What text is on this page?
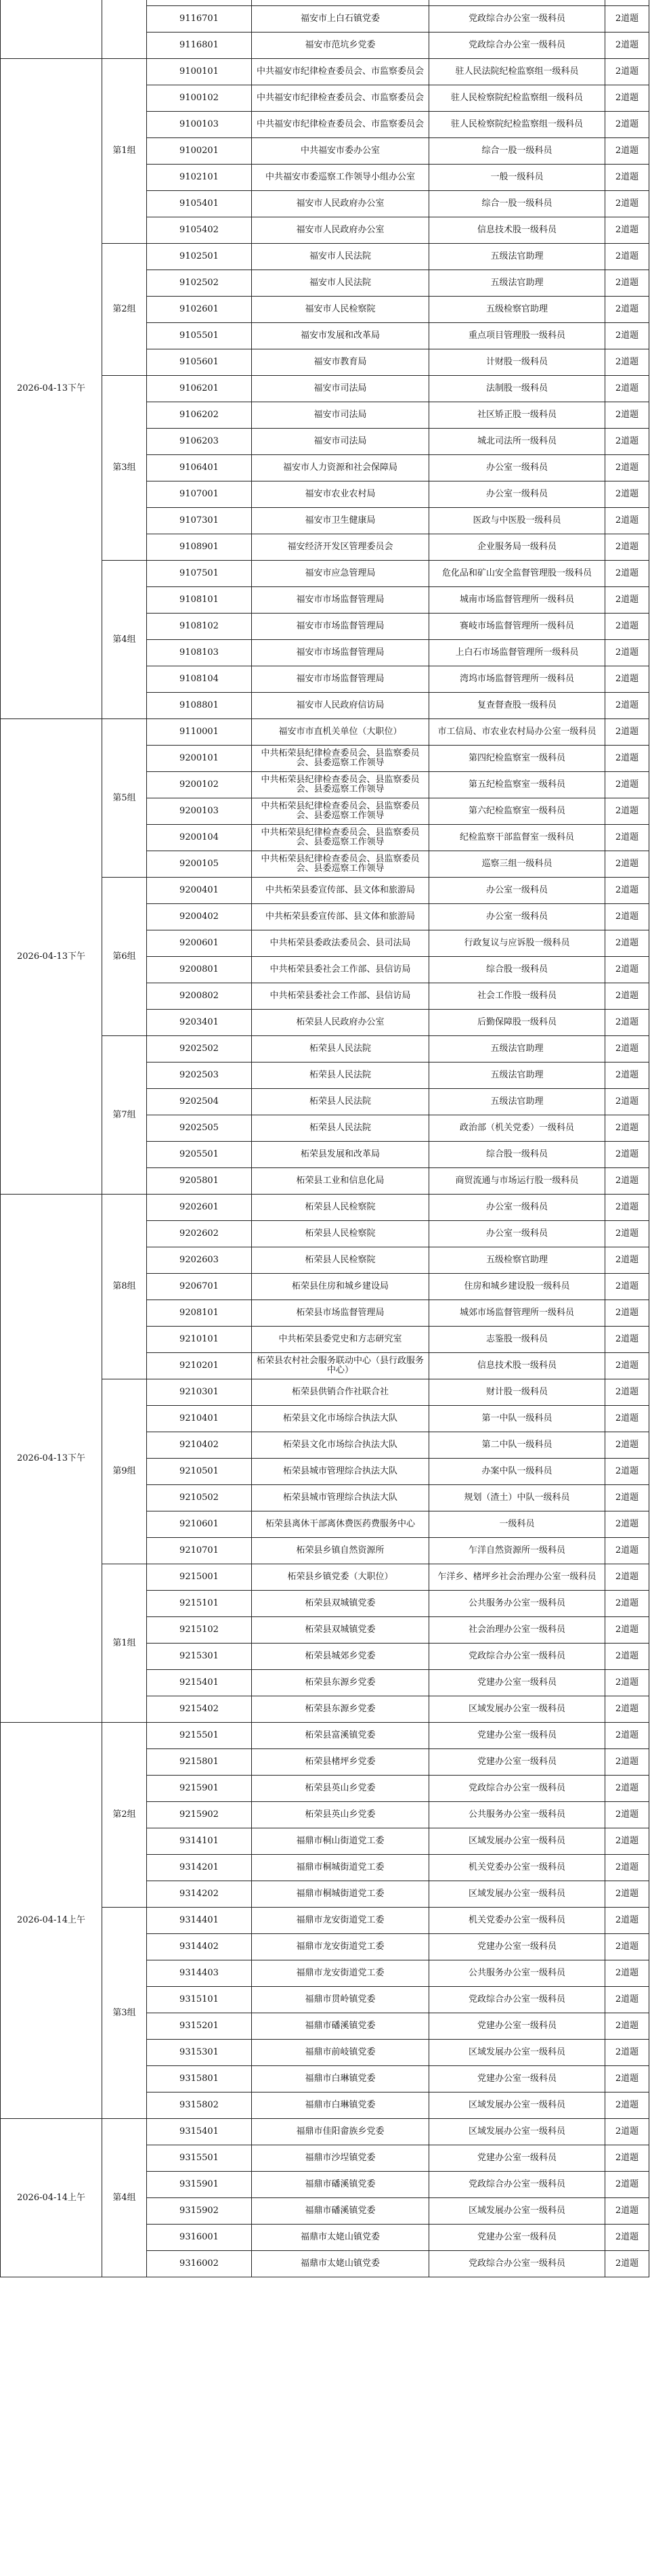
		9116701	福安市上白石镇党委	党政综合办公室一级科员	2道题
		9116801	福安市范坑乡党委	党政综合办公室一级科员	2道题
2026-04-13下午	第1组	9100101	中共福安市纪律检查委员会、市监察委员会	驻人民法院纪检监察组一级科员	2道题
		9100102	中共福安市纪律检查委员会、市监察委员会	驻人民检察院纪检监察组一级科员	2道题
		9100103	中共福安市纪律检查委员会、市监察委员会	驻人民检察院纪检监察组一级科员	2道题
		9100201	中共福安市委办公室	综合一股一级科员	2道题
		9102101	中共福安市委巡察工作领导小组办公室	一般一级科员	2道题
		9105401	福安市人民政府办公室	综合一股一级科员	2道题
		9105402	福安市人民政府办公室	信息技术股一级科员	2道题
	第2组	9102501	福安市人民法院	五级法官助理	2道题
		9102502	福安市人民法院	五级法官助理	2道题
		9102601	福安市人民检察院	五级检察官助理	2道题
		9105501	福安市发展和改革局	重点项目管理股一级科员	2道题
		9105601	福安市教育局	计财股一级科员	2道题
	第3组	9106201	福安市司法局	法制股一级科员	2道题
		9106202	福安市司法局	社区矫正股一级科员	2道题
		9106203	福安市司法局	城北司法所一级科员	2道题
		9106401	福安市人力资源和社会保障局	办公室一级科员	2道题
		9107001	福安市农业农村局	办公室一级科员	2道题
		9107301	福安市卫生健康局	医政与中医股一级科员	2道题
		9108901	福安经济开发区管理委员会	企业服务局一级科员	2道题
	第4组	9107501	福安市应急管理局	危化品和矿山安全监督管理股一级科员	2道题
		9108101	福安市市场监督管理局	城南市场监督管理所一级科员	2道题
		9108102	福安市市场监督管理局	赛岐市场监督管理所一级科员	2道题
		9108103	福安市市场监督管理局	上白石市场监督管理所一级科员	2道题
		9108104	福安市市场监督管理局	湾坞市场监督管理所一级科员	2道题
		9108801	福安市人民政府信访局	复查督查股一级科员	2道题
2026-04-13下午	第5组	9110001	福安市市直机关单位（大职位）	市工信局、市农业农村局办公室一级科员	2道题
		9200101	中共柘荣县纪律检查委员会、县监察委员会、县委巡察工作领导	第四纪检监察室一级科员	2道题
		9200102	中共柘荣县纪律检查委员会、县监察委员会、县委巡察工作领导	第五纪检监察室一级科员	2道题
		9200103	中共柘荣县纪律检查委员会、县监察委员会、县委巡察工作领导	第六纪检监察室一级科员	2道题
		9200104	中共柘荣县纪律检查委员会、县监察委员会、县委巡察工作领导	纪检监察干部监督室一级科员	2道题
		9200105	中共柘荣县纪律检查委员会、县监察委员会、县委巡察工作领导	巡察三组一级科员	2道题
	第6组	9200401	中共柘荣县委宣传部、县文体和旅游局	办公室一级科员	2道题
		9200402	中共柘荣县委宣传部、县文体和旅游局	办公室一级科员	2道题
		9200601	中共柘荣县委政法委员会、县司法局	行政复议与应诉股一级科员	2道题
		9200801	中共柘荣县委社会工作部、县信访局	综合股一级科员	2道题
		9200802	中共柘荣县委社会工作部、县信访局	社会工作股一级科员	2道题
		9203401	柘荣县人民政府办公室	后勤保障股一级科员	2道题
	第7组	9202502	柘荣县人民法院	五级法官助理	2道题
		9202503	柘荣县人民法院	五级法官助理	2道题
		9202504	柘荣县人民法院	五级法官助理	2道题
		9202505	柘荣县人民法院	政治部（机关党委）一级科员	2道题
		9205501	柘荣县发展和改革局	综合股一级科员	2道题
		9205801	柘荣县工业和信息化局	商贸流通与市场运行股一级科员	2道题
2026-04-13下午	第8组	9202601	柘荣县人民检察院	办公室一级科员	2道题
		9202602	柘荣县人民检察院	办公室一级科员	2道题
		9202603	柘荣县人民检察院	五级检察官助理	2道题
		9206701	柘荣县住房和城乡建设局	住房和城乡建设股一级科员	2道题
		9208101	柘荣县市场监督管理局	城郊市场监督管理所一级科员	2道题
		9210101	中共柘荣县委党史和方志研究室	志鉴股一级科员	2道题
		9210201	柘荣县农村社会服务联动中心（县行政服务中心）	信息技术股一级科员	2道题
	第9组	9210301	柘荣县供销合作社联合社	财计股一级科员	2道题
		9210401	柘荣县文化市场综合执法大队	第一中队一级科员	2道题
		9210402	柘荣县文化市场综合执法大队	第二中队一级科员	2道题
		9210501	柘荣县城市管理综合执法大队	办案中队一级科员	2道题
		9210502	柘荣县城市管理综合执法大队	规划（渣土）中队一级科员	2道题
		9210601	柘荣县离休干部离休费医药费服务中心	一级科员	2道题
		9210701	柘荣县乡镇自然资源所	乍洋自然资源所一级科员	2道题
	第1组	9215001	柘荣县乡镇党委（大职位）	乍洋乡、楮坪乡社会治理办公室一级科员	2道题
		9215101	柘荣县双城镇党委	公共服务办公室一级科员	2道题
		9215102	柘荣县双城镇党委	社会治理办公室一级科员	2道题
		9215301	柘荣县城郊乡党委	党政综合办公室一级科员	2道题
		9215401	柘荣县东源乡党委	党建办公室一级科员	2道题
		9215402	柘荣县东源乡党委	区域发展办公室一级科员	2道题
2026-04-14上午	第2组	9215501	柘荣县富溪镇党委	党建办公室一级科员	2道题
		9215801	柘荣县楮坪乡党委	党建办公室一级科员	2道题
		9215901	柘荣县英山乡党委	党政综合办公室一级科员	2道题
		9215902	柘荣县英山乡党委	公共服务办公室一级科员	2道题
		9314101	福鼎市桐山街道党工委	区域发展办公室一级科员	2道题
		9314201	福鼎市桐城街道党工委	机关党委办公室一级科员	2道题
		9314202	福鼎市桐城街道党工委	区域发展办公室一级科员	2道题
	第3组	9314401	福鼎市龙安街道党工委	机关党委办公室一级科员	2道题
		9314402	福鼎市龙安街道党工委	党建办公室一级科员	2道题
		9314403	福鼎市龙安街道党工委	公共服务办公室一级科员	2道题
		9315101	福鼎市贯岭镇党委	党政综合办公室一级科员	2道题
		9315201	福鼎市磻溪镇党委	党建办公室一级科员	2道题
		9315301	福鼎市前岐镇党委	区域发展办公室一级科员	2道题
		9315801	福鼎市白琳镇党委	党建办公室一级科员	2道题
		9315802	福鼎市白琳镇党委	区域发展办公室一级科员	2道题
2026-04-14上午	第4组	9315401	福鼎市佳阳畲族乡党委	区域发展办公室一级科员	2道题
		9315501	福鼎市沙埕镇党委	党建办公室一级科员	2道题
		9315901	福鼎市磻溪镇党委	党政综合办公室一级科员	2道题
		9315902	福鼎市磻溪镇党委	区域发展办公室一级科员	2道题
		9316001	福鼎市太姥山镇党委	党建办公室一级科员	2道题
		9316002	福鼎市太姥山镇党委	党政综合办公室一级科员	2道题
